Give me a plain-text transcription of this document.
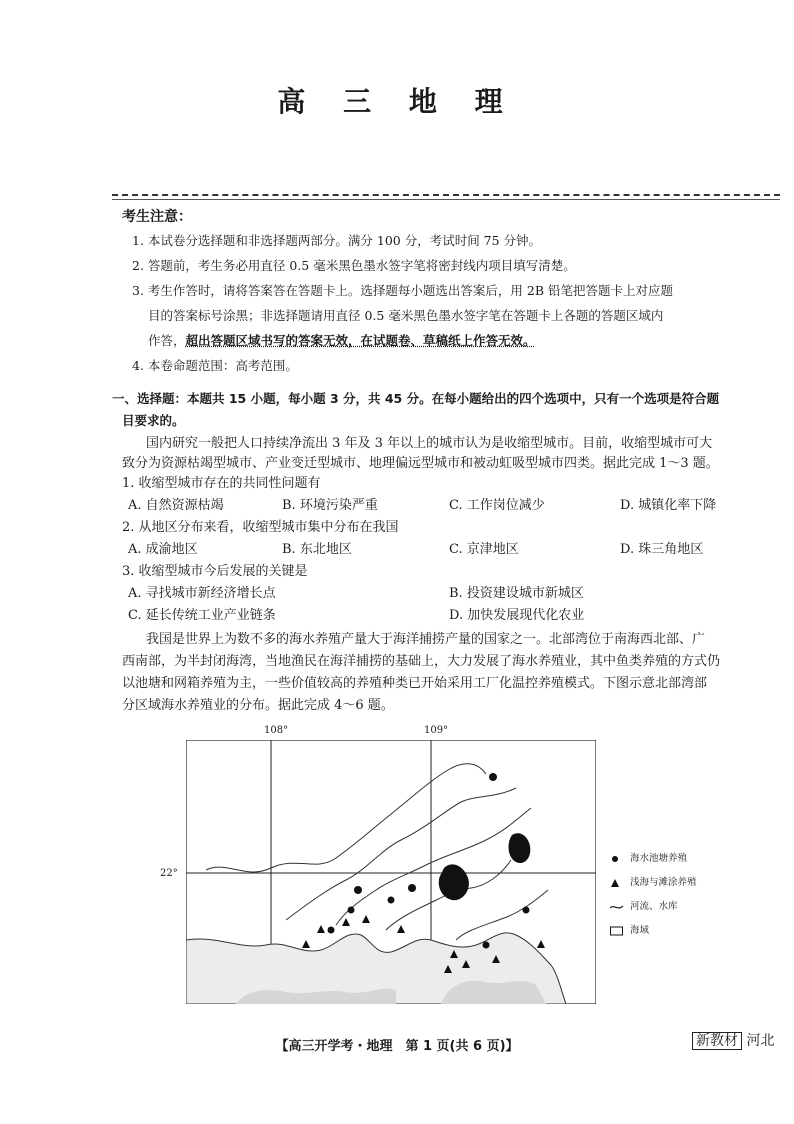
高 三 地 理
考生注意：
1. 本试卷分选择题和非选择题两部分。满分 100 分，考试时间 75 分钟。
2. 答题前，考生务必用直径 0.5 毫米黑色墨水签字笔将密封线内项目填写清楚。
3. 考生作答时，请将答案答在答题卡上。选择题每小题选出答案后，用 2B 铅笔把答题卡上对应题
目的答案标号涂黑；非选择题请用直径 0.5 毫米黑色墨水签字笔在答题卡上各题的答题区域内
作答，超出答题区域书写的答案无效，在试题卷、草稿纸上作答无效。
4. 本卷命题范围：高考范围。
一、选择题：本题共 15 小题，每小题 3 分，共 45 分。在每小题给出的四个选项中，只有一个选项是符合题
目要求的。
国内研究一般把人口持续净流出 3 年及 3 年以上的城市认为是收缩型城市。目前，收缩型城市可大
致分为资源枯竭型城市、产业变迁型城市、地理偏远型城市和被动虹吸型城市四类。据此完成 1～3 题。
1. 收缩型城市存在的共同性问题有
A. 自然资源枯竭	B. 环境污染严重	C. 工作岗位减少	D. 城镇化率下降
2. 从地区分布来看，收缩型城市集中分布在我国
A. 成渝地区	B. 东北地区	C. 京津地区	D. 珠三角地区
3. 收缩型城市今后发展的关键是
A. 寻找城市新经济增长点	B. 投资建设城市新城区
C. 延长传统工业产业链条	D. 加快发展现代化农业
我国是世界上为数不多的海水养殖产量大于海洋捕捞产量的国家之一。北部湾位于南海西北部、广
西南部，为半封闭海湾，当地渔民在海洋捕捞的基础上，大力发展了海水养殖业，其中鱼类养殖的方式仍
以池塘和网箱养殖为主，一些价值较高的养殖种类已开始采用工厂化温控养殖模式。下图示意北部湾部
分区域海水养殖业的分布。据此完成 4～6 题。
108°	109°
22°
海水池塘养殖
浅海与滩涂养殖
河流、水库
海域
【高三开学考・地理　第 1 页(共 6 页)】	新教材 河北
